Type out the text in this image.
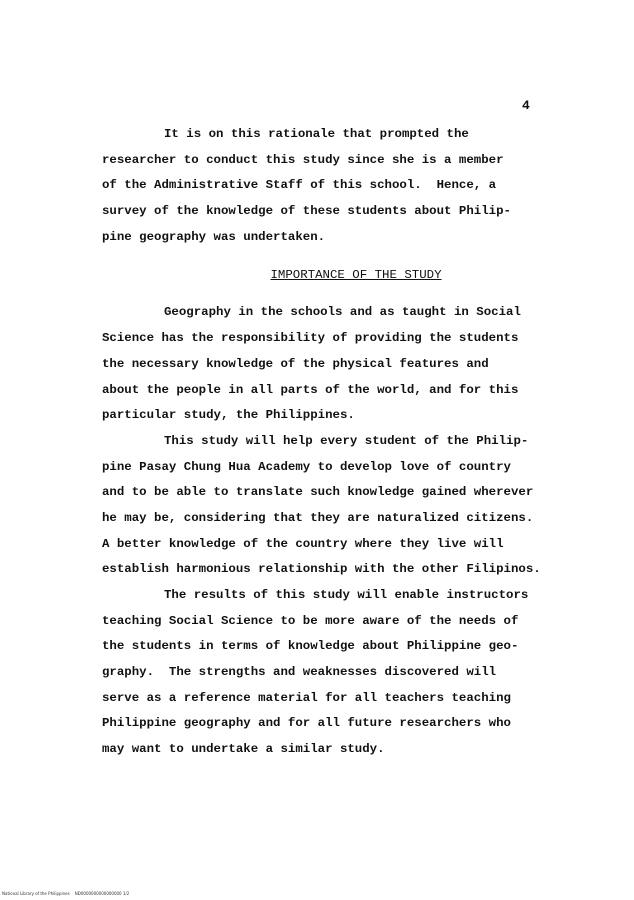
4
It is on this rationale that prompted the
researcher to conduct this study since she is a member
of the Administrative Staff of this school.  Hence, a
survey of the knowledge of these students about Philip-
pine geography was undertaken.
IMPORTANCE OF THE STUDY
Geography in the schools and as taught in Social
Science has the responsibility of providing the students
the necessary knowledge of the physical features and
about the people in all parts of the world, and for this
particular study, the Philippines.
This study will help every student of the Philip-
pine Pasay Chung Hua Academy to develop love of country
and to be able to translate such knowledge gained wherever
he may be, considering that they are naturalized citizens.
A better knowledge of the country where they live will
establish harmonious relationship with the other Filipinos.
The results of this study will enable instructors
teaching Social Science to be more aware of the needs of
the students in terms of knowledge about Philippine geo-
graphy.  The strengths and weaknesses discovered will
serve as a reference material for all teachers teaching
Philippine geography and for all future researchers who
may want to undertake a similar study.
National Library of the Philippines    ND0000000000000000 1/2
